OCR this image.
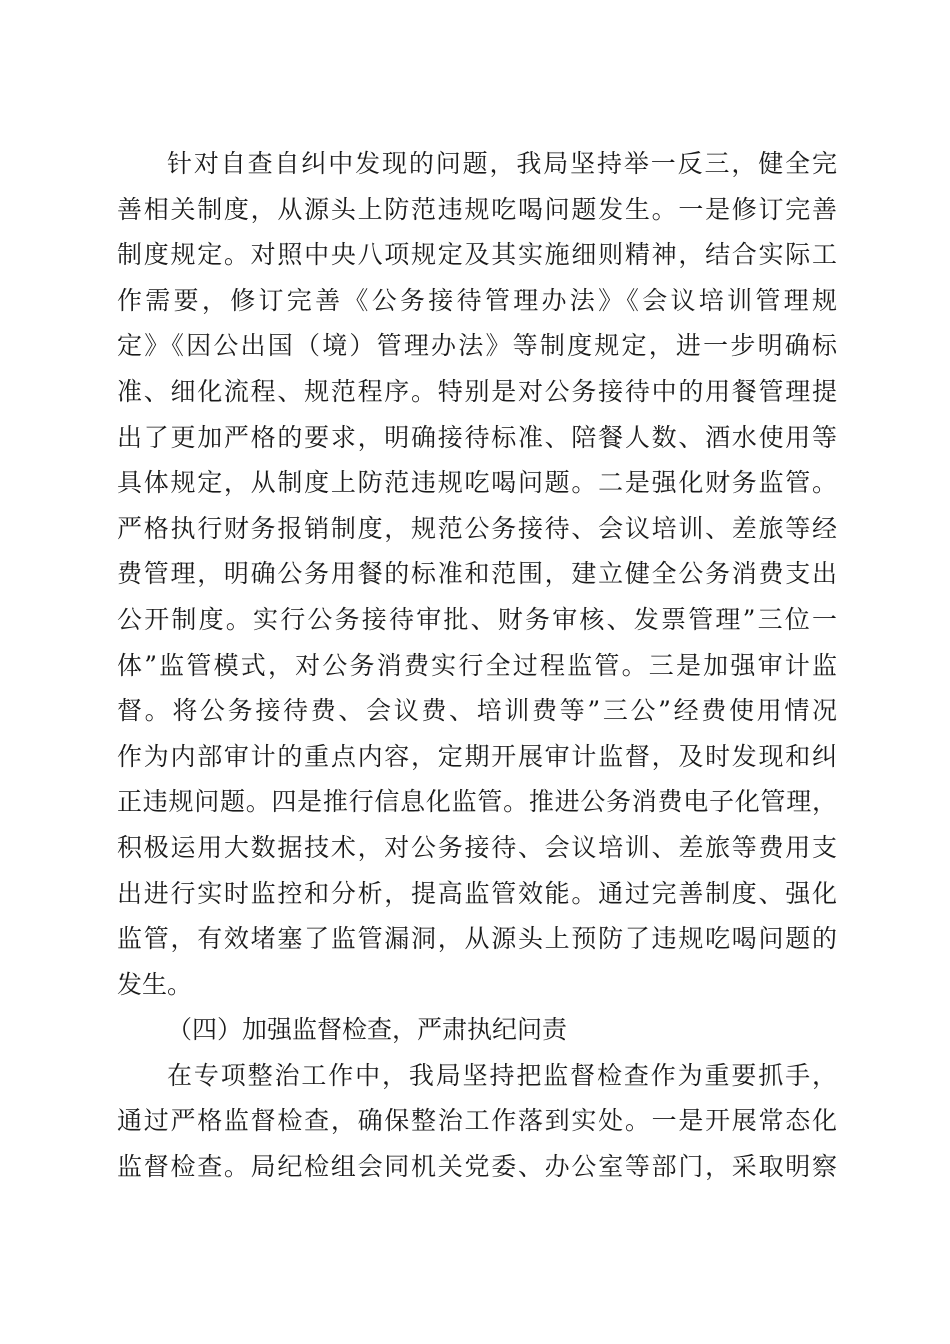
针对自查自纠中发现的问题，我局坚持举一反三，健全完
善相关制度，从源头上防范违规吃喝问题发生。一是修订完善
制度规定。对照中央八项规定及其实施细则精神，结合实际工
作需要，修订完善《公务接待管理办法》《会议培训管理规
定》《因公出国（境）管理办法》等制度规定，进一步明确标
准、细化流程、规范程序。特别是对公务接待中的用餐管理提
出了更加严格的要求，明确接待标准、陪餐人数、酒水使用等
具体规定，从制度上防范违规吃喝问题。二是强化财务监管。
严格执行财务报销制度，规范公务接待、会议培训、差旅等经
费管理，明确公务用餐的标准和范围，建立健全公务消费支出
公开制度。实行公务接待审批、财务审核、发票管理”三位一
体”监管模式，对公务消费实行全过程监管。三是加强审计监
督。将公务接待费、会议费、培训费等”三公”经费使用情况
作为内部审计的重点内容，定期开展审计监督，及时发现和纠
正违规问题。四是推行信息化监管。推进公务消费电子化管理，
积极运用大数据技术，对公务接待、会议培训、差旅等费用支
出进行实时监控和分析，提高监管效能。通过完善制度、强化
监管，有效堵塞了监管漏洞，从源头上预防了违规吃喝问题的
发生。
（四）加强监督检查，严肃执纪问责
在专项整治工作中，我局坚持把监督检查作为重要抓手，
通过严格监督检查，确保整治工作落到实处。一是开展常态化
监督检查。局纪检组会同机关党委、办公室等部门，采取明察
